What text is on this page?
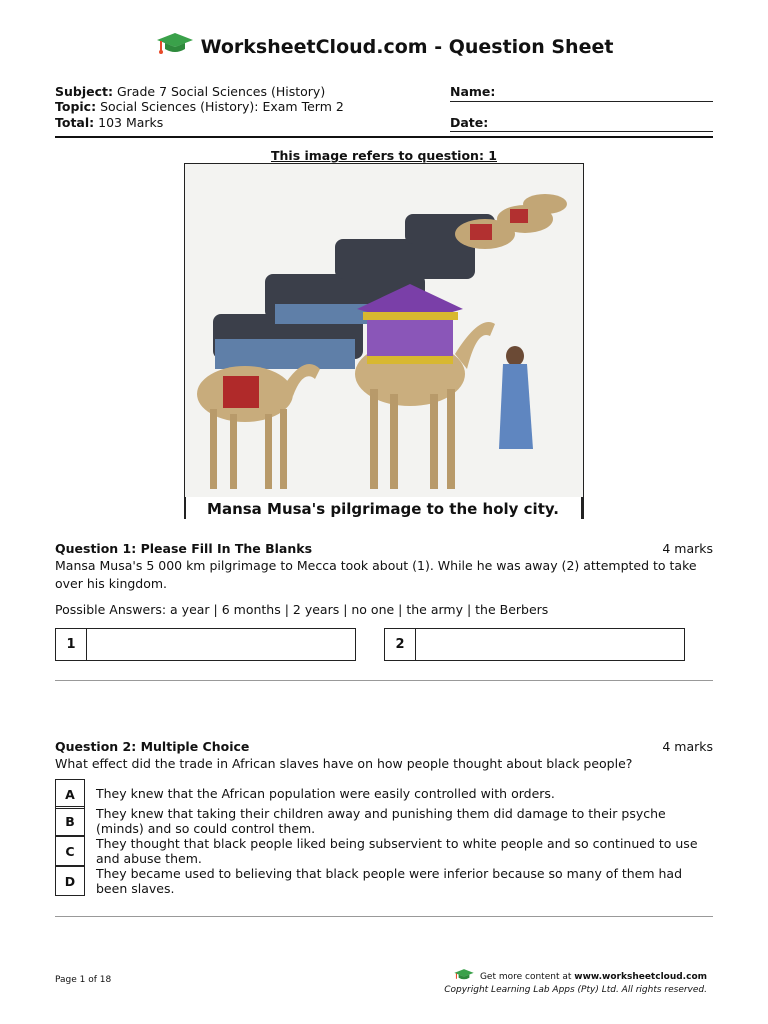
WorksheetCloud.com - Question Sheet
Subject: Grade 7 Social Sciences (History)
Topic: Social Sciences (History): Exam Term 2
Total: 103 Marks
Name:
Date:
This image refers to question: 1
Mansa Musa's pilgrimage to the holy city.
Question 1: Please Fill In The Blanks	4 marks
Mansa Musa's 5 000 km pilgrimage to Mecca took about (1). While he was away (2) attempted to take over his kingdom.
Possible Answers: a year | 6 months | 2 years | no one | the army | the Berbers
1	2
Question 2: Multiple Choice	4 marks
What effect did the trade in African slaves have on how people thought about black people?
A	They knew that the African population were easily controlled with orders.
B	They knew that taking their children away and punishing them did damage to their psyche (minds) and so could control them.
C	They thought that black people liked being subservient to white people and so continued to use and abuse them.
D	They became used to believing that black people were inferior because so many of them had been slaves.
Page 1 of 18	Get more content at www.worksheetcloud.com
Copyright Learning Lab Apps (Pty) Ltd. All rights reserved.
